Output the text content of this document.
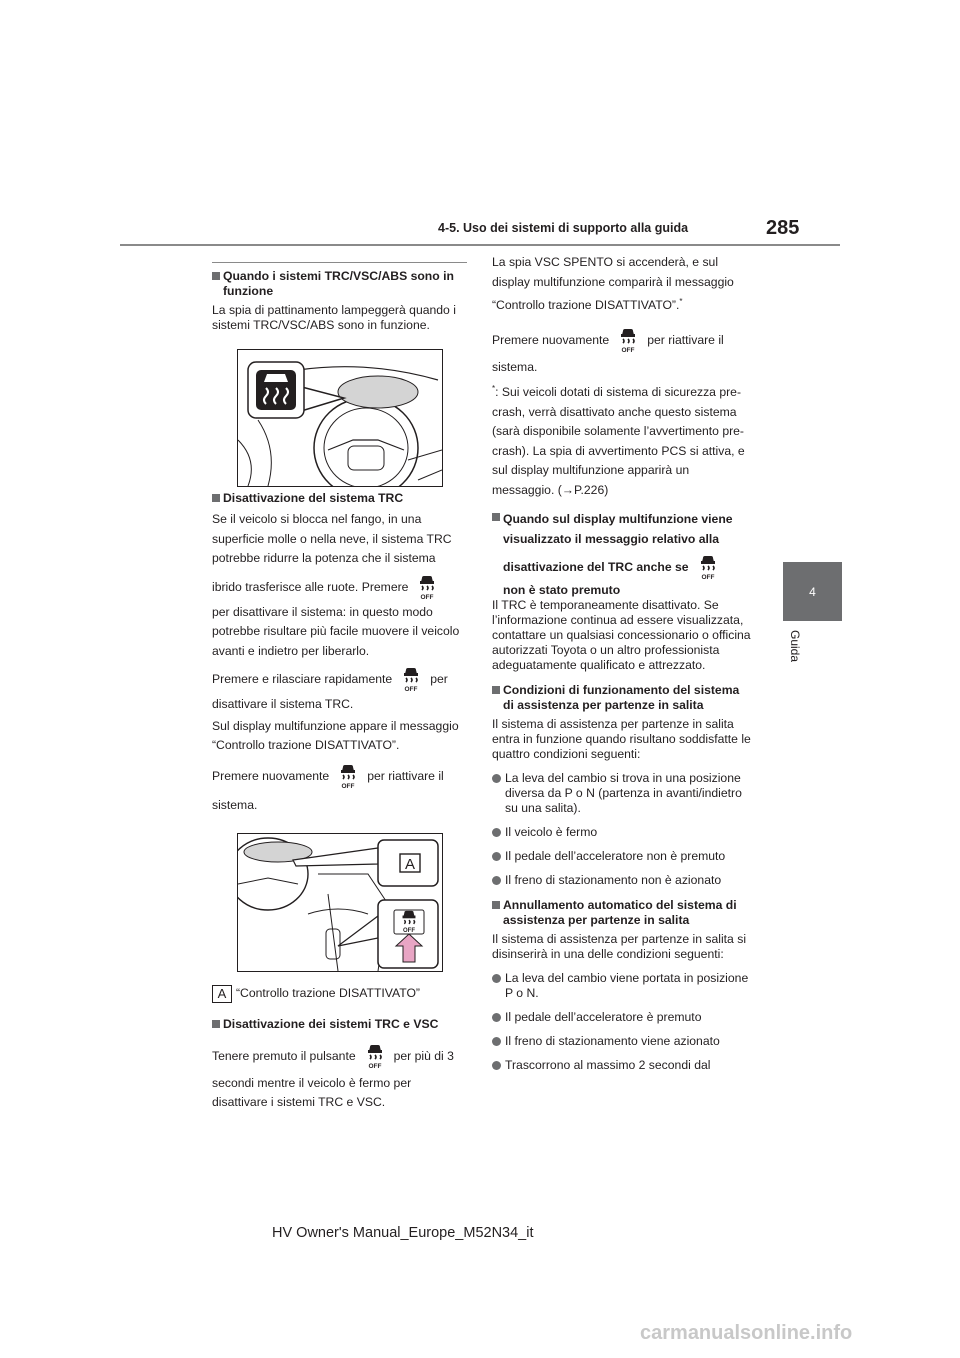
4-5. Uso dei sistemi di supporto alla guida	285
4
Guida

Quando i sistemi TRC/VSC/ABS sono in funzione

La spia di pattinamento lampeggerà quando i sistemi TRC/VSC/ABS sono in funzione.

Disattivazione del sistema TRC

Se il veicolo si blocca nel fango, in una superficie molle o nella neve, il sistema TRC potrebbe ridurre la potenza che il sistema

ibrido trasferisce alle ruote. Premere

per disattivare il sistema: in questo modo potrebbe risultare più facile muovere il veicolo avanti e indietro per liberarlo.

Premere e rilasciare rapidamente	per

disattivare il sistema TRC.

Sul display multifunzione appare il messaggio “Controllo trazione DISATTIVATO”.

Premere nuovamente	per riattivare il

sistema.

A

A “Controllo trazione DISATTIVATO”

Disattivazione dei sistemi TRC e VSC

Tenere premuto il pulsante	per più di 3

secondi mentre il veicolo è fermo per disattivare i sistemi TRC e VSC.

La spia VSC SPENTO si accenderà, e sul display multifunzione comparirà il messaggio

“Controllo trazione DISATTIVATO”.*

Premere nuovamente	per riattivare il

sistema.

*: Sui veicoli dotati di sistema di sicurezza pre-crash, verrà disattivato anche questo sistema (sarà disponibile solamente l’avvertimento pre-crash). La spia di avvertimento PCS si attiva, e sul display multifunzione apparirà un messaggio. (→P.226)

Quando sul display multifunzione viene visualizzato il messaggio relativo alla

disattivazione del TRC anche se

non è stato premuto

Il TRC è temporaneamente disattivato. Se l’informazione continua ad essere visualizzata, contattare un qualsiasi concessionario o officina autorizzati Toyota o un altro professionista adeguatamente qualificato e attrezzato.

Condizioni di funzionamento del sistema di assistenza per partenze in salita

Il sistema di assistenza per partenze in salita entra in funzione quando risultano soddisfatte le quattro condizioni seguenti:

La leva del cambio si trova in una posizione diversa da P o N (partenza in avanti/indietro su una salita).

Il veicolo è fermo

Il pedale dell’acceleratore non è premuto

Il freno di stazionamento non è azionato

Annullamento automatico del sistema di assistenza per partenze in salita

Il sistema di assistenza per partenze in salita si disinserirà in una delle condizioni seguenti:

La leva del cambio viene portata in posizione P o N.

Il pedale dell’acceleratore è premuto

Il freno di stazionamento viene azionato

Trascorrono al massimo 2 secondi dal

HV Owner's Manual_Europe_M52N34_it
carmanualsonline.info
